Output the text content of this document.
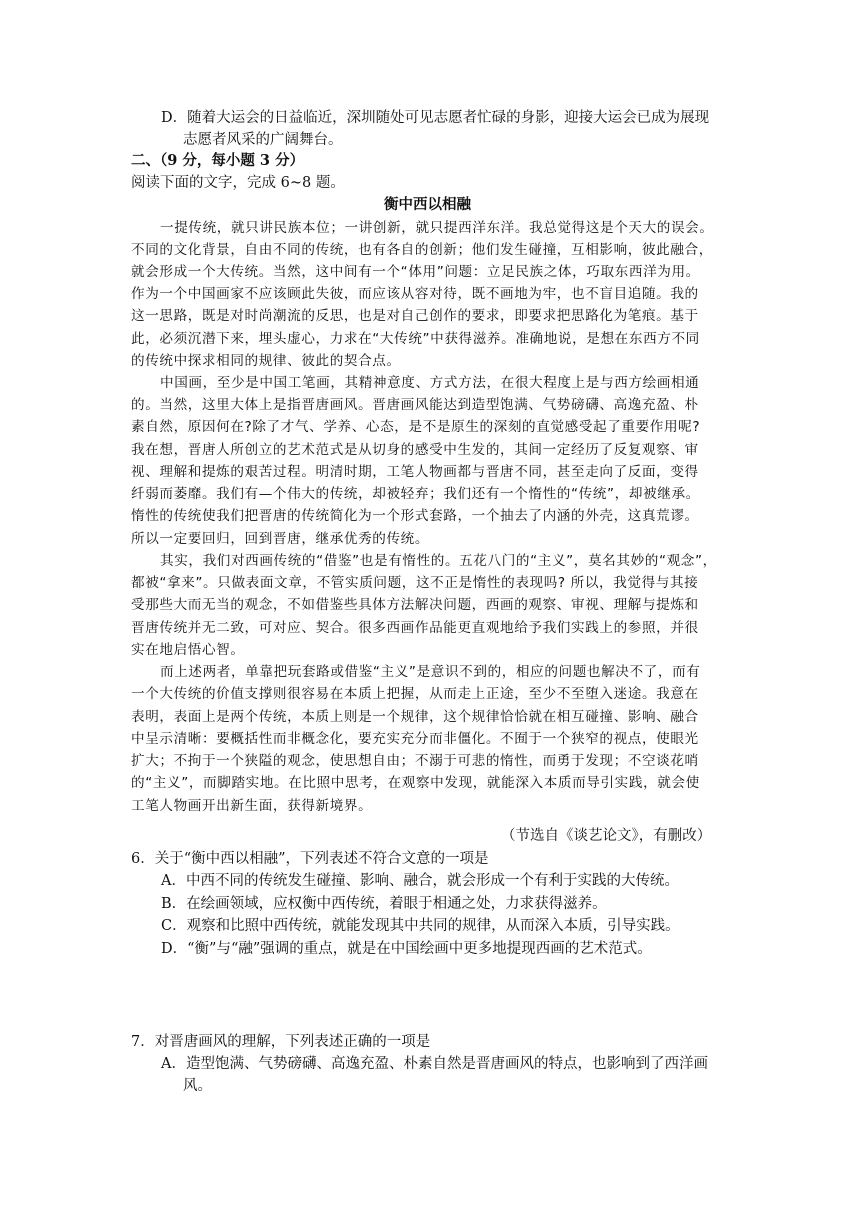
D．随着大运会的日益临近，深圳随处可见志愿者忙碌的身影，迎接大运会已成为展现
志愿者风采的广阔舞台。
二、（9 分，每小题 3 分）
阅读下面的文字，完成 6~8 题。
衡中西以相融
一提传统，就只讲民族本位；一讲创新，就只提西洋东洋。我总觉得这是个天大的误会。
不同的文化背景，自由不同的传统，也有各自的创新；他们发生碰撞，互相影响，彼此融合，
就会形成一个大传统。当然，这中间有一个“体用”问题：立足民族之体，巧取东西洋为用。
作为一个中国画家不应该顾此失彼，而应该从容对待，既不画地为牢，也不盲目追随。我的
这一思路，既是对时尚潮流的反思，也是对自己创作的要求，即要求把思路化为笔痕。基于
此，必须沉潜下来，埋头虚心，力求在“大传统”中获得滋养。准确地说，是想在东西方不同
的传统中探求相同的规律、彼此的契合点。
中国画，至少是中国工笔画，其精神意度、方式方法，在很大程度上是与西方绘画相通
的。当然，这里大体上是指晋唐画风。晋唐画风能达到造型饱满、气势磅礴、高逸充盈、朴
素自然，原因何在?除了才气、学养、心态，是不是原生的深刻的直觉感受起了重要作用呢?
我在想，晋唐人所创立的艺术范式是从切身的感受中生发的，其间一定经历了反复观察、审
视、理解和提炼的艰苦过程。明清时期，工笔人物画都与晋唐不同，甚至走向了反面，变得
纤弱而萎靡。我们有—个伟大的传统，却被轻弃；我们还有一个惰性的“传统”，却被继承。
惰性的传统使我们把晋唐的传统简化为一个形式套路，一个抽去了内涵的外壳，这真荒谬。
所以一定要回归，回到晋唐，继承优秀的传统。
其实，我们对西画传统的“借鉴”也是有惰性的。五花八门的“主义”，莫名其妙的“观念”，
都被“拿来”。只做表面文章，不管实质问题，这不正是惰性的表现吗? 所以，我觉得与其接
受那些大而无当的观念，不如借鉴些具体方法解决问题，西画的观察、审视、理解与提炼和
晋唐传统并无二致，可对应、契合。很多西画作品能更直观地给予我们实践上的参照，并很
实在地启悟心智。
而上述两者，单靠把玩套路或借鉴“主义”是意识不到的，相应的问题也解决不了，而有
一个大传统的价值支撑则很容易在本质上把握，从而走上正途，至少不至堕入迷途。我意在
表明，表面上是两个传统，本质上则是一个规律，这个规律恰恰就在相互碰撞、影响、融合
中呈示清晰：要概括性而非概念化，要充实充分而非僵化。不囿于一个狭窄的视点，使眼光
扩大；不拘于一个狭隘的观念，使思想自由；不溺于可悲的惰性，而勇于发现；不空谈花哨
的“主义”，而脚踏实地。在比照中思考，在观察中发现，就能深入本质而导引实践，就会使
工笔人物画开出新生面，获得新境界。
（节选自《谈艺论文》，有删改）
6．关于“衡中西以相融”，下列表述不符合文意的一项是
A．中西不同的传统发生碰撞、影响、融合，就会形成一个有利于实践的大传统。
B．在绘画领域，应权衡中西传统，着眼于相通之处，力求获得滋养。
C．观察和比照中西传统，就能发现其中共同的规律，从而深入本质，引导实践。
D．“衡”与“融”强调的重点，就是在中国绘画中更多地提现西画的艺术范式。
7．对晋唐画风的理解，下列表述正确的一项是
A．造型饱满、气势磅礴、高逸充盈、朴素自然是晋唐画风的特点，也影响到了西洋画
风。
